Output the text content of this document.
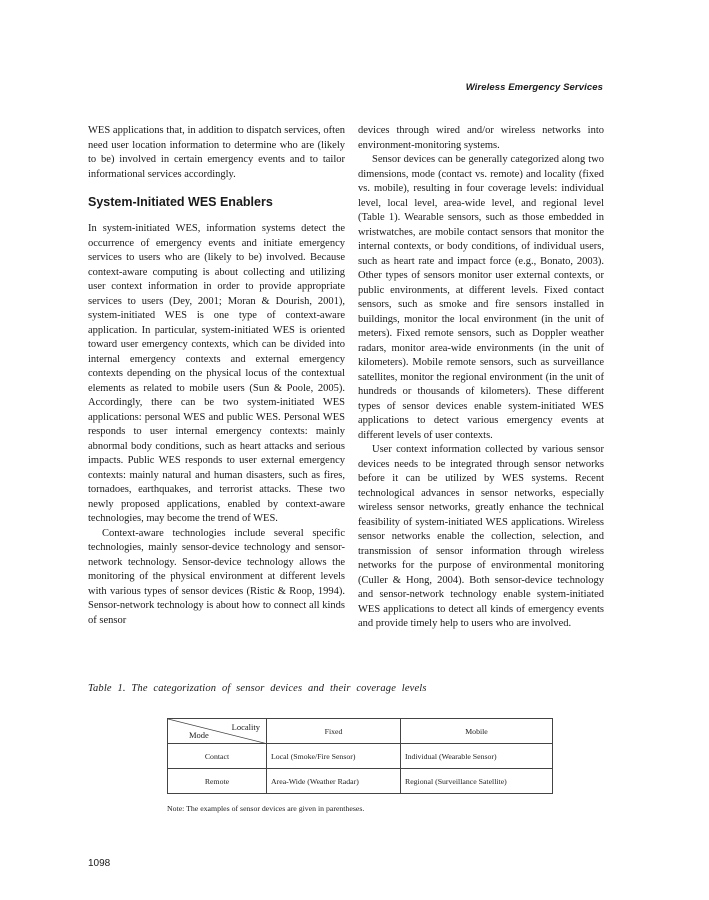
Wireless Emergency Services

WES applications that, in addition to dispatch services, often need user location information to determine who are (likely to be) involved in certain emergency events and to tailor informational services accordingly.

System-Initiated WES Enablers

In system-initiated WES, information systems detect the occurrence of emergency events and initiate emergency services to users who are (likely to be) involved. Because context-aware computing is about collecting and utilizing user context information in order to provide appropriate services to users (Dey, 2001; Moran & Dourish, 2001), system-initiated WES is one type of context-aware application. In particular, system-initiated WES is oriented toward user emergency contexts, which can be divided into internal emergency contexts and external emergency contexts depending on the physical locus of the contextual elements as related to mobile users (Sun & Poole, 2005). Accordingly, there can be two system-initiated WES applications: personal WES and public WES. Personal WES responds to user internal emergency contexts: mainly abnormal body conditions, such as heart attacks and serious impacts. Public WES responds to user external emergency contexts: mainly natural and human disasters, such as fires, tornadoes, earthquakes, and terrorist attacks. These two newly proposed applications, enabled by context-aware technologies, may become the trend of WES.

Context-aware technologies include several specific technologies, mainly sensor-device technology and sensor-network technology. Sensor-device technology allows the monitoring of the physical environment at different levels with various types of sensor devices (Ristic & Roop, 1994). Sensor-network technology is about how to connect all kinds of sensor

devices through wired and/or wireless networks into environment-monitoring systems.

Sensor devices can be generally categorized along two dimensions, mode (contact vs. remote) and locality (fixed vs. mobile), resulting in four coverage levels: individual level, local level, area-wide level, and regional level (Table 1). Wearable sensors, such as those embedded in wristwatches, are mobile contact sensors that monitor the internal contexts, or body conditions, of individual users, such as heart rate and impact force (e.g., Bonato, 2003). Other types of sensors monitor user external contexts, or public environments, at different levels. Fixed contact sensors, such as smoke and fire sensors installed in buildings, monitor the local environment (in the unit of meters). Fixed remote sensors, such as Doppler weather radars, monitor area-wide environments (in the unit of kilometers). Mobile remote sensors, such as surveillance satellites, monitor the regional environment (in the unit of hundreds or thousands of kilometers). These different types of sensor devices enable system-initiated WES applications to detect various emergency events at different levels of user contexts.

User context information collected by various sensor devices needs to be integrated through sensor networks before it can be utilized by WES systems. Recent technological advances in sensor networks, especially wireless sensor networks, greatly enhance the technical feasibility of system-initiated WES applications. Wireless sensor networks enable the collection, selection, and transmission of sensor information through wireless networks for the purpose of environmental monitoring (Culler & Hong, 2004). Both sensor-device technology and sensor-network technology enable system-initiated WES applications to detect all kinds of emergency events and provide timely help to users who are involved.

Table 1. The categorization of sensor devices and their coverage levels
Locality
Mode	Fixed	Mobile
Contact	Local (Smoke/Fire Sensor)	Individual (Wearable Sensor)
Remote	Area-Wide (Weather Radar)	Regional (Surveillance Satellite)
Note: The examples of sensor devices are given in parentheses.
1098
